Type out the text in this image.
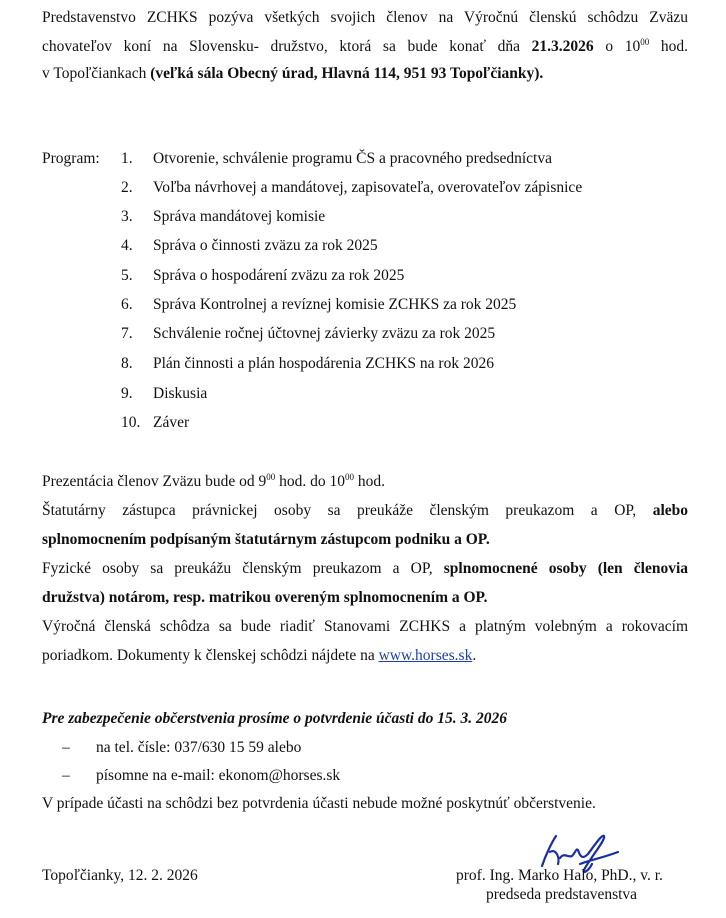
Predstavenstvo ZCHKS pozýva všetkých svojich členov na Výročnú členskú schôdzu Zväzu
chovateľov koní na Slovensku- družstvo, ktorá sa bude konať dňa 21.3.2026 o $10^{00}$ hod.
v Topoľčiankach (veľká sála Obecný úrad, Hlavná 114, 951 93 Topoľčianky).
Program: 1. Otvorenie, schválenie programu ČS a pracovného predsedníctva
2. Voľba návrhovej a mandátovej, zapisovateľa, overovateľov zápisnice
3. Správa mandátovej komisie
4. Správa o činnosti zväzu za rok 2025
5. Správa o hospodárení zväzu za rok 2025
6. Správa Kontrolnej a revíznej komisie ZCHKS za rok 2025
7. Schválenie ročnej účtovnej závierky zväzu za rok 2025
8. Plán činnosti a plán hospodárenia ZCHKS na rok 2026
9. Diskusia
10. Záver
Prezentácia členov Zväzu bude od $9^{00}$ hod. do $10^{00}$ hod.
Štatutárny zástupca právnickej osoby sa preukáže členským preukazom a OP, alebo
splnomocnením podpísaným štatutárnym zástupcom podniku a OP.
Fyzické osoby sa preukážu členským preukazom a OP, splnomocnené osoby (len členovia
družstva) notárom, resp. matrikou overeným splnomocnením a OP.
Výročná členská schôdza sa bude riadiť Stanovami ZCHKS a platným volebným a rokovacím
poriadkom. Dokumenty k členskej schôdzi nájdete na www.horses.sk.
Pre zabezpečenie občerstvenia prosíme o potvrdenie účasti do 15. 3. 2026
– na tel. čísle: 037/630 15 59 alebo
– písomne na e-mail: ekonom@horses.sk
V prípade účasti na schôdzi bez potvrdenia účasti nebude možné poskytnúť občerstvenie.
Topoľčianky, 12. 2. 2026	prof. Ing. Marko Halo, PhD., v. r.
predseda predstavenstva
